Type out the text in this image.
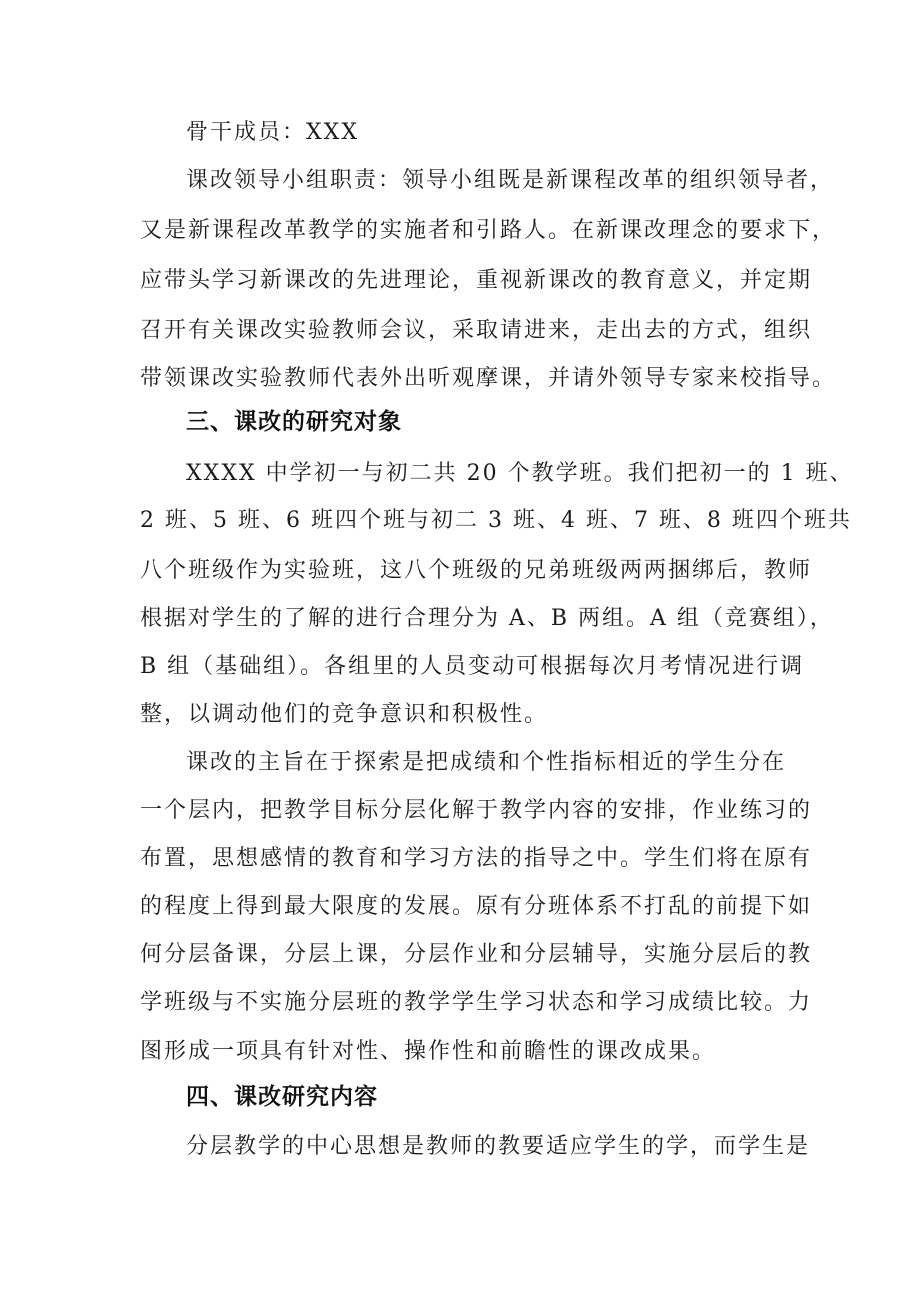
骨干成员：XXX
课改领导小组职责：领导小组既是新课程改革的组织领导者，
又是新课程改革教学的实施者和引路人。在新课改理念的要求下，
应带头学习新课改的先进理论，重视新课改的教育意义，并定期
召开有关课改实验教师会议，采取请进来，走出去的方式，组织
带领课改实验教师代表外出听观摩课，并请外领导专家来校指导。
三、课改的研究对象
XXXX 中学初一与初二共 20 个教学班。我们把初一的 1 班、
2 班、5 班、6 班四个班与初二 3 班、4 班、7 班、8 班四个班共
八个班级作为实验班，这八个班级的兄弟班级两两捆绑后，教师
根据对学生的了解的进行合理分为 A、B 两组。A 组（竞赛组），
B 组（基础组）。各组里的人员变动可根据每次月考情况进行调
整，以调动他们的竞争意识和积极性。
课改的主旨在于探索是把成绩和个性指标相近的学生分在
一个层内，把教学目标分层化解于教学内容的安排，作业练习的
布置，思想感情的教育和学习方法的指导之中。学生们将在原有
的程度上得到最大限度的发展。原有分班体系不打乱的前提下如
何分层备课，分层上课，分层作业和分层辅导，实施分层后的教
学班级与不实施分层班的教学学生学习状态和学习成绩比较。力
图形成一项具有针对性、操作性和前瞻性的课改成果。
四、课改研究内容
分层教学的中心思想是教师的教要适应学生的学，而学生是
